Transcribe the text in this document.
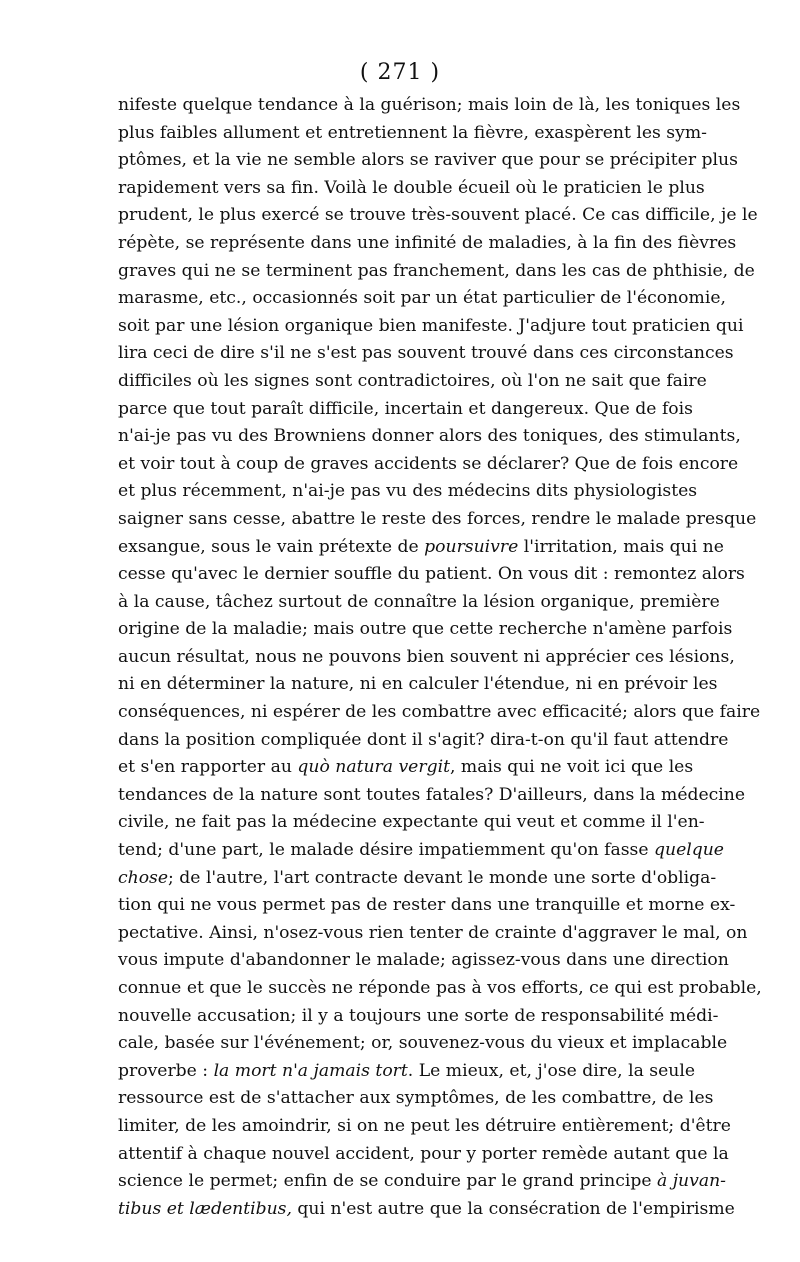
( 271 )
nifeste quelque tendance à la guérison; mais loin de là, les toniques les
plus faibles allument et entretiennent la fièvre, exaspèrent les sym-
ptômes, et la vie ne semble alors se raviver que pour se précipiter plus
rapidement vers sa fin. Voilà le double écueil où le praticien le plus
prudent, le plus exercé se trouve très-souvent placé. Ce cas difficile, je le
répète, se représente dans une infinité de maladies, à la fin des fièvres
graves qui ne se terminent pas franchement, dans les cas de phthisie, de
marasme, etc., occasionnés soit par un état particulier de l'économie,
soit par une lésion organique bien manifeste. J'adjure tout praticien qui
lira ceci de dire s'il ne s'est pas souvent trouvé dans ces circonstances
difficiles où les signes sont contradictoires, où l'on ne sait que faire
parce que tout paraît difficile, incertain et dangereux. Que de fois
n'ai-je pas vu des Browniens donner alors des toniques, des stimulants,
et voir tout à coup de graves accidents se déclarer? Que de fois encore
et plus récemment, n'ai-je pas vu des médecins dits physiologistes
saigner sans cesse, abattre le reste des forces, rendre le malade presque
exsangue, sous le vain prétexte de poursuivre l'irritation, mais qui ne
cesse qu'avec le dernier souffle du patient. On vous dit : remontez alors
à la cause, tâchez surtout de connaître la lésion organique, première
origine de la maladie; mais outre que cette recherche n'amène parfois
aucun résultat, nous ne pouvons bien souvent ni apprécier ces lésions,
ni en déterminer la nature, ni en calculer l'étendue, ni en prévoir les
conséquences, ni espérer de les combattre avec efficacité; alors que faire
dans la position compliquée dont il s'agit? dira-t-on qu'il faut attendre
et s'en rapporter au quò natura vergit, mais qui ne voit ici que les
tendances de la nature sont toutes fatales? D'ailleurs, dans la médecine
civile, ne fait pas la médecine expectante qui veut et comme il l'en-
tend; d'une part, le malade désire impatiemment qu'on fasse quelque
chose; de l'autre, l'art contracte devant le monde une sorte d'obliga-
tion qui ne vous permet pas de rester dans une tranquille et morne ex-
pectative. Ainsi, n'osez-vous rien tenter de crainte d'aggraver le mal, on
vous impute d'abandonner le malade; agissez-vous dans une direction
connue et que le succès ne réponde pas à vos efforts, ce qui est probable,
nouvelle accusation; il y a toujours une sorte de responsabilité médi-
cale, basée sur l'événement; or, souvenez-vous du vieux et implacable
proverbe : la mort n'a jamais tort. Le mieux, et, j'ose dire, la seule
ressource est de s'attacher aux symptômes, de les combattre, de les
limiter, de les amoindrir, si on ne peut les détruire entièrement; d'être
attentif à chaque nouvel accident, pour y porter remède autant que la
science le permet; enfin de se conduire par le grand principe à juvan-
tibus et lædentibus, qui n'est autre que la consécration de l'empirisme
